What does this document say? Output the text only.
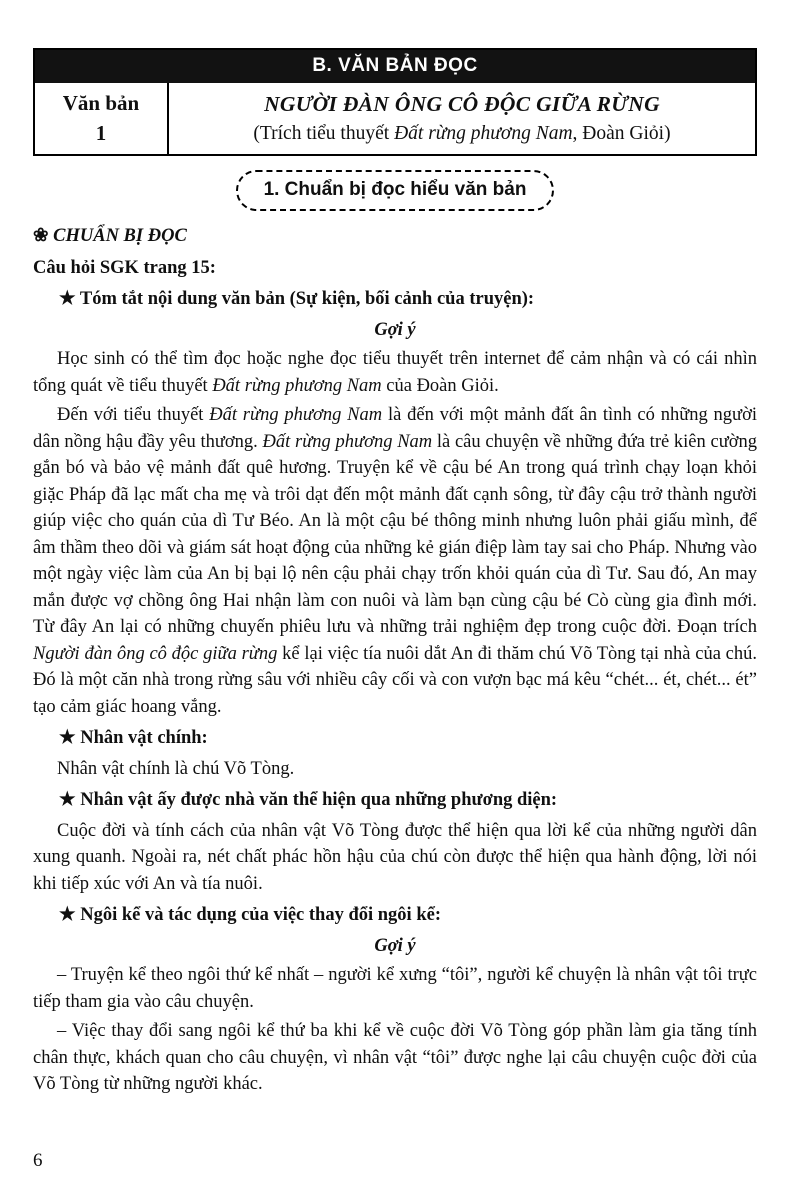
B. VĂN BẢN ĐỌC
Văn bản
1
NGƯỜI ĐÀN ÔNG CÔ ĐỘC GIỮA RỪNG
(Trích tiểu thuyết Đất rừng phương Nam, Đoàn Giỏi)
1. Chuẩn bị đọc hiểu văn bản

❀ CHUẨN BỊ ĐỌC

Câu hỏi SGK trang 15:

★ Tóm tắt nội dung văn bản (Sự kiện, bối cảnh của truyện):

Gợi ý

Học sinh có thể tìm đọc hoặc nghe đọc tiểu thuyết trên internet để cảm nhận và có cái nhìn tổng quát về tiểu thuyết Đất rừng phương Nam của Đoàn Giỏi.

Đến với tiểu thuyết Đất rừng phương Nam là đến với một mảnh đất ân tình có những người dân nồng hậu đầy yêu thương. Đất rừng phương Nam là câu chuyện về những đứa trẻ kiên cường gắn bó và bảo vệ mảnh đất quê hương. Truyện kể về cậu bé An trong quá trình chạy loạn khỏi giặc Pháp đã lạc mất cha mẹ và trôi dạt đến một mảnh đất cạnh sông, từ đây cậu trở thành người giúp việc cho quán của dì Tư Béo. An là một cậu bé thông minh nhưng luôn phải giấu mình, để âm thầm theo dõi và giám sát hoạt động của những kẻ gián điệp làm tay sai cho Pháp. Nhưng vào một ngày việc làm của An bị bại lộ nên cậu phải chạy trốn khỏi quán của dì Tư. Sau đó, An may mắn được vợ chồng ông Hai nhận làm con nuôi và làm bạn cùng cậu bé Cò cùng gia đình mới. Từ đây An lại có những chuyến phiêu lưu và những trải nghiệm đẹp trong cuộc đời. Đoạn trích Người đàn ông cô độc giữa rừng kể lại việc tía nuôi dắt An đi thăm chú Võ Tòng tại nhà của chú. Đó là một căn nhà trong rừng sâu với nhiều cây cối và con vượn bạc má kêu “chét... ét, chét... ét” tạo cảm giác hoang vắng.

★ Nhân vật chính:

Nhân vật chính là chú Võ Tòng.

★ Nhân vật ấy được nhà văn thể hiện qua những phương diện:

Cuộc đời và tính cách của nhân vật Võ Tòng được thể hiện qua lời kể của những người dân xung quanh. Ngoài ra, nét chất phác hồn hậu của chú còn được thể hiện qua hành động, lời nói khi tiếp xúc với An và tía nuôi.

★ Ngôi kể và tác dụng của việc thay đổi ngôi kể:

Gợi ý

– Truyện kể theo ngôi thứ kể nhất – người kể xưng “tôi”, người kể chuyện là nhân vật tôi trực tiếp tham gia vào câu chuyện.

– Việc thay đổi sang ngôi kể thứ ba khi kể về cuộc đời Võ Tòng góp phần làm gia tăng tính chân thực, khách quan cho câu chuyện, vì nhân vật “tôi” được nghe lại câu chuyện cuộc đời của Võ Tòng từ những người khác.

6
